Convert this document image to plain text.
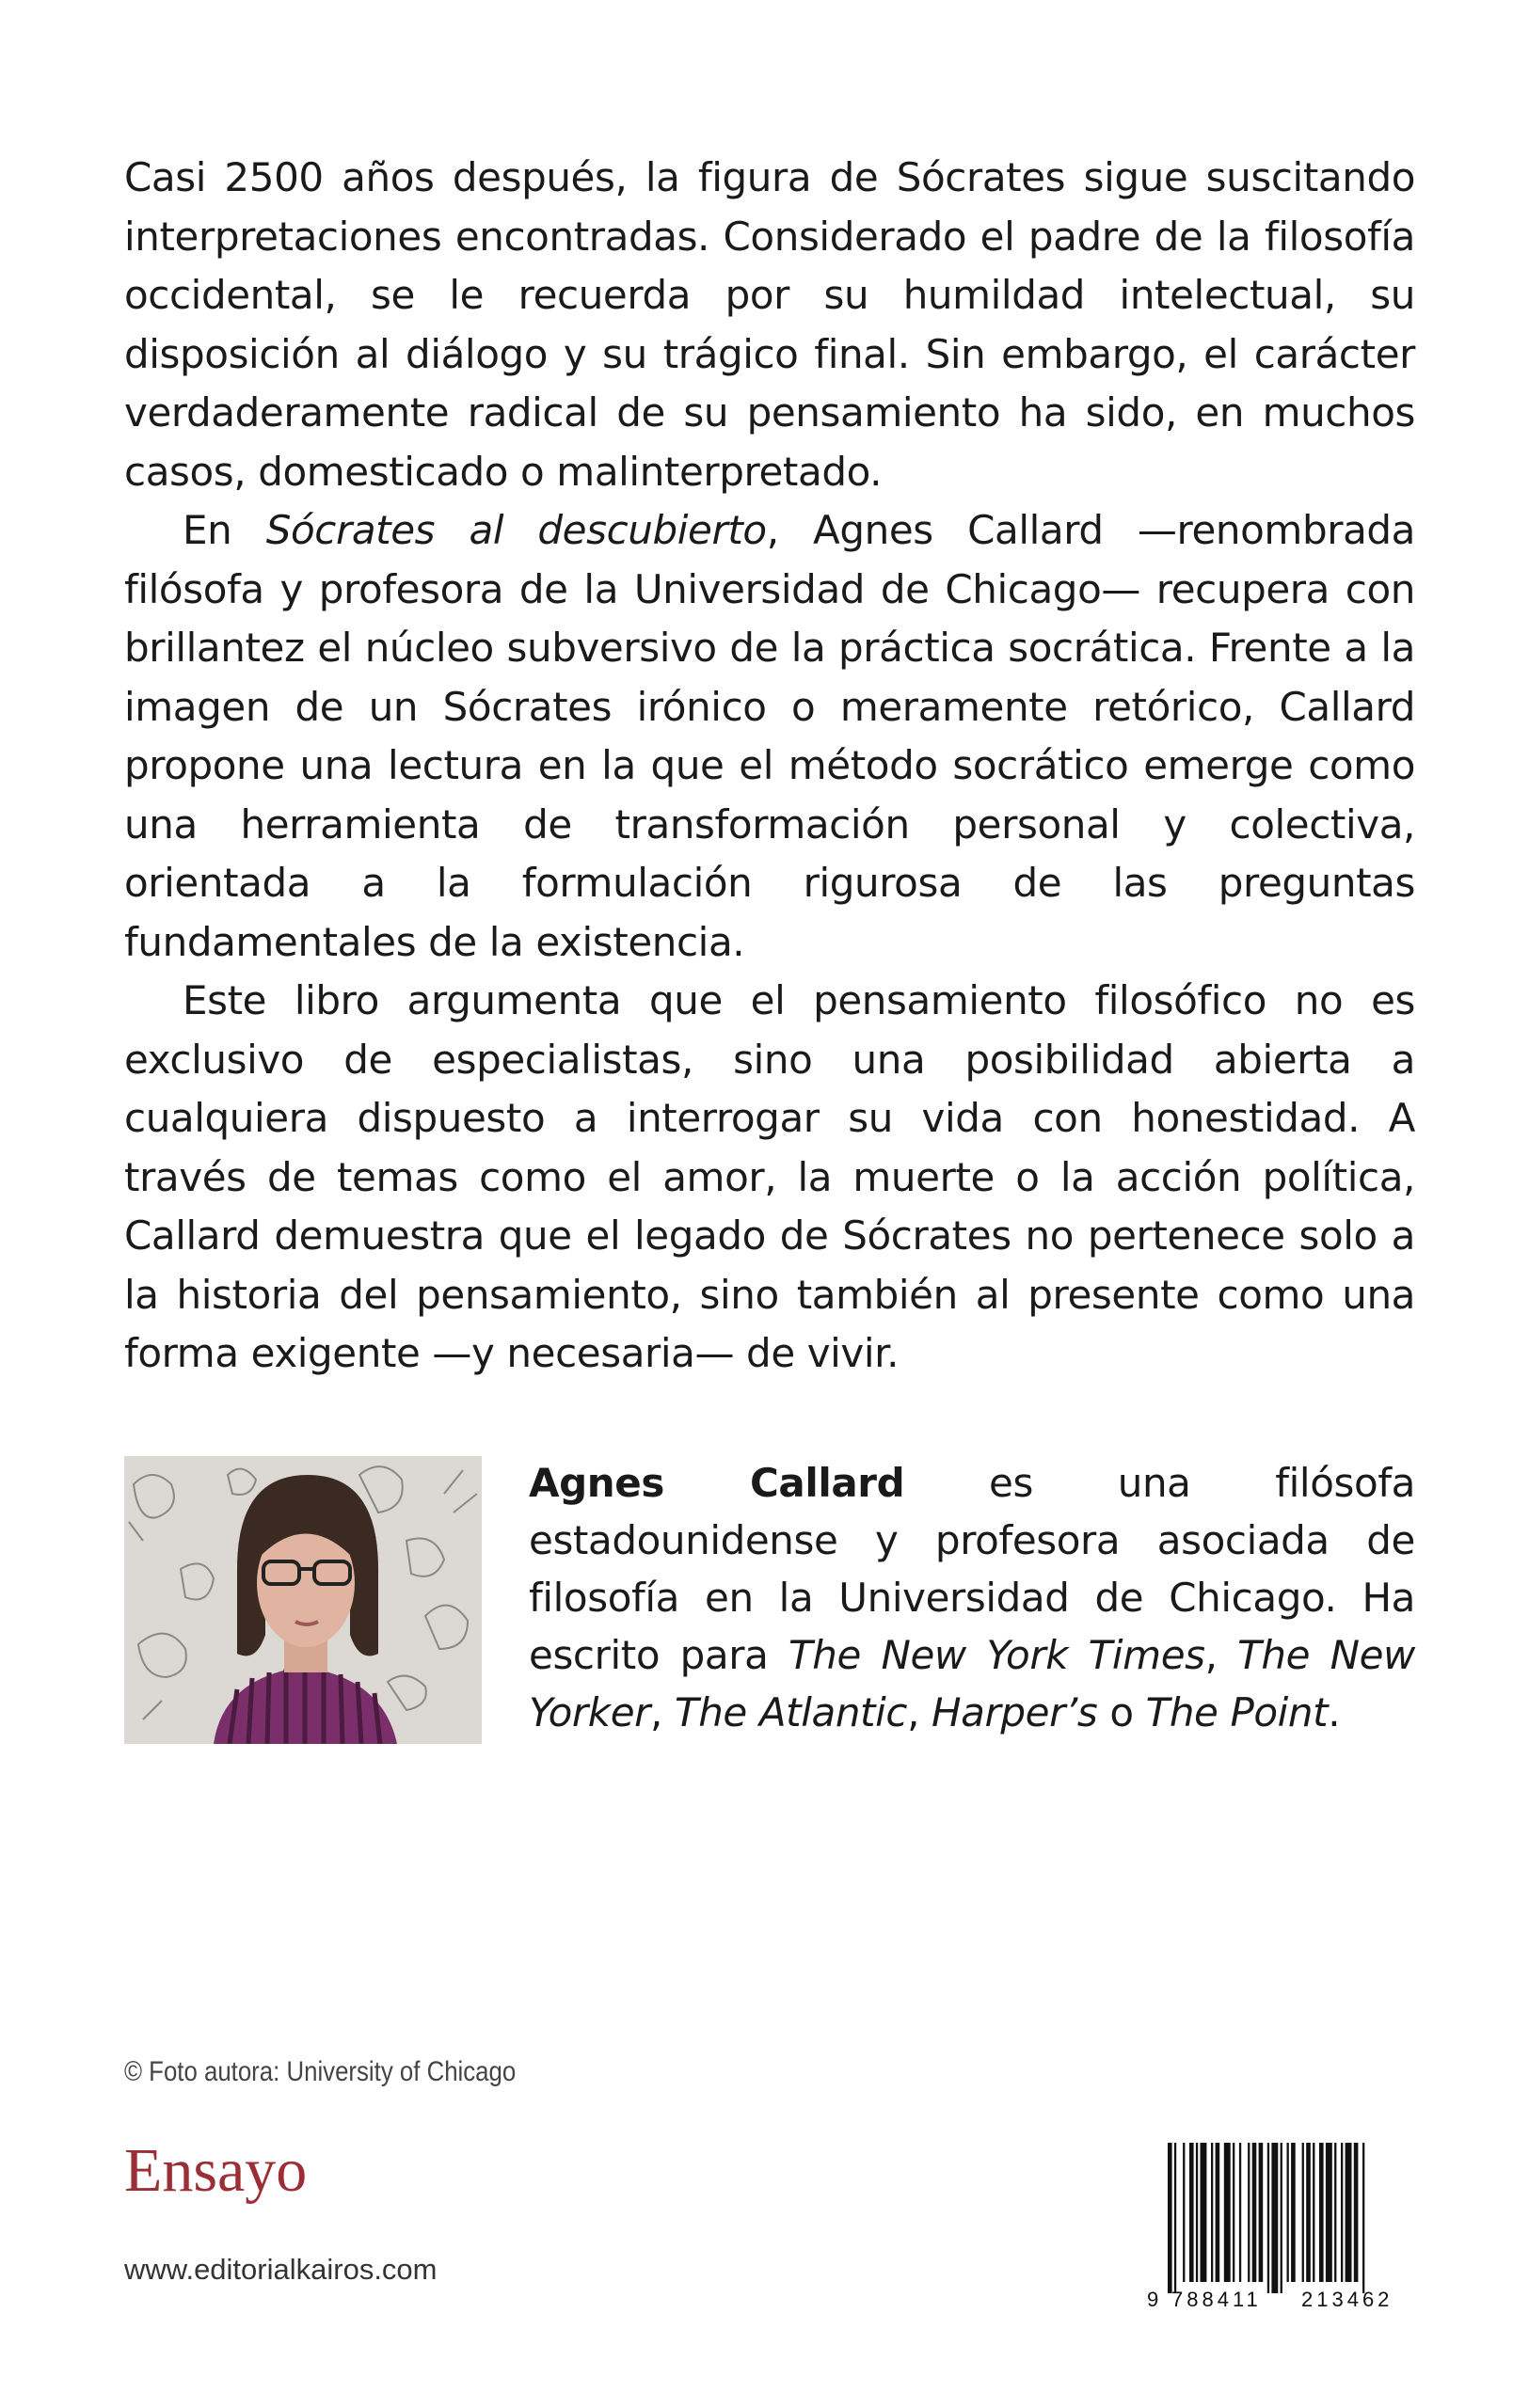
Casi 2500 años después, la figura de Sócrates sigue suscitando interpretaciones encontradas. Considerado el padre de la filosofía occidental, se le recuerda por su humildad intelectual, su disposición al diálogo y su trágico final. Sin embargo, el carácter verdaderamente radical de su pensamiento ha sido, en muchos casos, domesticado o malinterpretado.

En Sócrates al descubierto, Agnes Callard —renombrada filósofa y profesora de la Universidad de Chicago— recupera con brillantez el núcleo subversivo de la práctica socrática. Frente a la imagen de un Sócrates irónico o meramente retórico, Callard propone una lectura en la que el método socrático emerge como una herramienta de transformación personal y colectiva, orientada a la formulación rigurosa de las preguntas fundamentales de la existencia.

Este libro argumenta que el pensamiento filosófico no es exclusivo de especialistas, sino una posibilidad abierta a cualquiera dispuesto a interrogar su vida con honestidad. A través de temas como el amor, la muerte o la acción política, Callard demuestra que el legado de Sócrates no pertenece solo a la historia del pensamiento, sino también al presente como una forma exigente —y necesaria— de vivir.

Agnes Callard es una filósofa estadounidense y profesora asociada de filosofía en la Universidad de Chicago. Ha escrito para The New York Times, The New Yorker, The Atlantic, Harper’s o The Point.

© Foto autora: University of Chicago
Ensayo
www.editorialkairos.com
9 788411 213462
